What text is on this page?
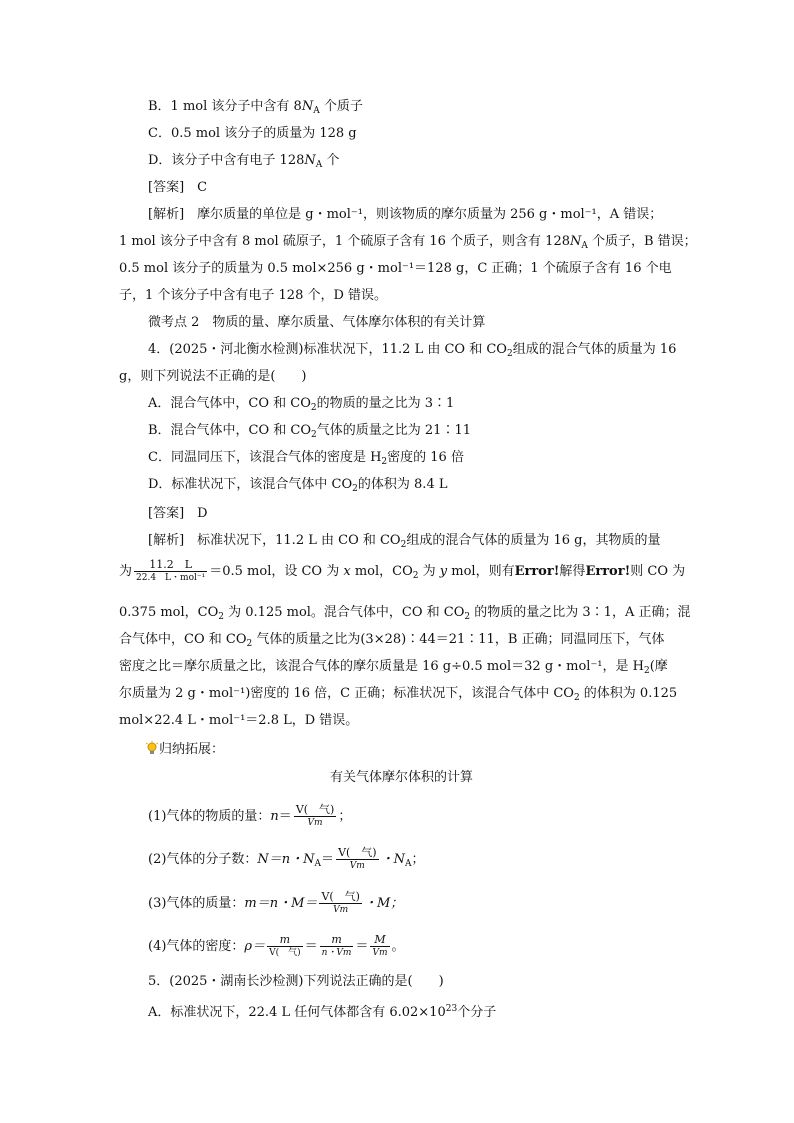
B．1 mol 该分子中含有 $8N_A$ 个质子
C．0.5 mol 该分子的质量为 128 g
D．该分子中含有电子 $128N_A$ 个
[答案]　C
[解析]　摩尔质量的单位是 g・mol⁻¹，则该物质的摩尔质量为 256 g・mol⁻¹，A 错误；
1 mol 该分子中含有 8 mol 硫原子，1 个硫原子含有 16 个质子，则含有 $128N_A$ 个质子，B 错误；
0.5 mol 该分子的质量为 0.5 mol×256 g・mol⁻¹＝128 g，C 正确；1 个硫原子含有 16 个电
子，1 个该分子中含有电子 128 个，D 错误。
微考点 2　物质的量、摩尔质量、气体摩尔体积的有关计算
4．(2025・河北衡水检测)标准状况下，11.2 L 由 CO 和 $CO_2$组成的混合气体的质量为 16
g，则下列说法不正确的是(　　)
A．混合气体中，CO 和 $CO_2$的物质的量之比为 3∶1
B．混合气体中，CO 和 $CO_2$气体的质量之比为 21∶11
C．同温同压下，该混合气体的密度是 $H_2$密度的 16 倍
D．标准状况下，该混合气体中 $CO_2$的体积为 8.4 L
[答案]　D
[解析]　标准状况下，11.2 L 由 CO 和 $CO_2$组成的混合气体的质量为 16 g，其物质的量
为 $\frac{11.2 L}{\text{22.4　L・mol⁻¹}} =0.5$ mol，设 CO 为 x mol，$CO_2$ 为 y mol，则有Error!解得Error!则 CO 为
0.375 mol，$CO_2$ 为 0.125 mol。混合气体中，CO 和 $CO_2$ 的物质的量之比为 3∶1，A 正确；混
合气体中，CO 和 $CO_2$ 气体的质量之比为(3×28)∶44＝21∶11，B 正确；同温同压下，气体
密度之比＝摩尔质量之比，该混合气体的摩尔质量是 16 g÷0.5 mol＝32 g・mol⁻¹，是 $H_2$(摩
尔质量为 2 g・mol⁻¹)密度的 16 倍，C 正确；标准状况下，该混合气体中 $CO_2$ 的体积为 0.125
mol×22.4 L・mol⁻¹＝2.8 L，D 错误。
归纳拓展：
有关气体摩尔体积的计算
(1)气体的物质的量：$n= \frac{\text{V(　气)}}{Vm}$ ；
(2)气体的分子数：N＝n・$N_A= \frac{\text{V(　气)}}{Vm}$ ・$N_A$；
(3)气体的质量：m＝n・$M= \frac{\text{V(　气)}}{Vm}$ ・M；
(4)气体的密度：$\rho= \frac{m}{\text{V(　气)}} = \frac{m}{n・Vm} = \frac{M}{Vm}$ 。
5．(2025・湖南长沙检测)下列说法正确的是(　　)
A．标准状况下，22.4 L 任何气体都含有 $6.02\times 10^{23}$个分子
